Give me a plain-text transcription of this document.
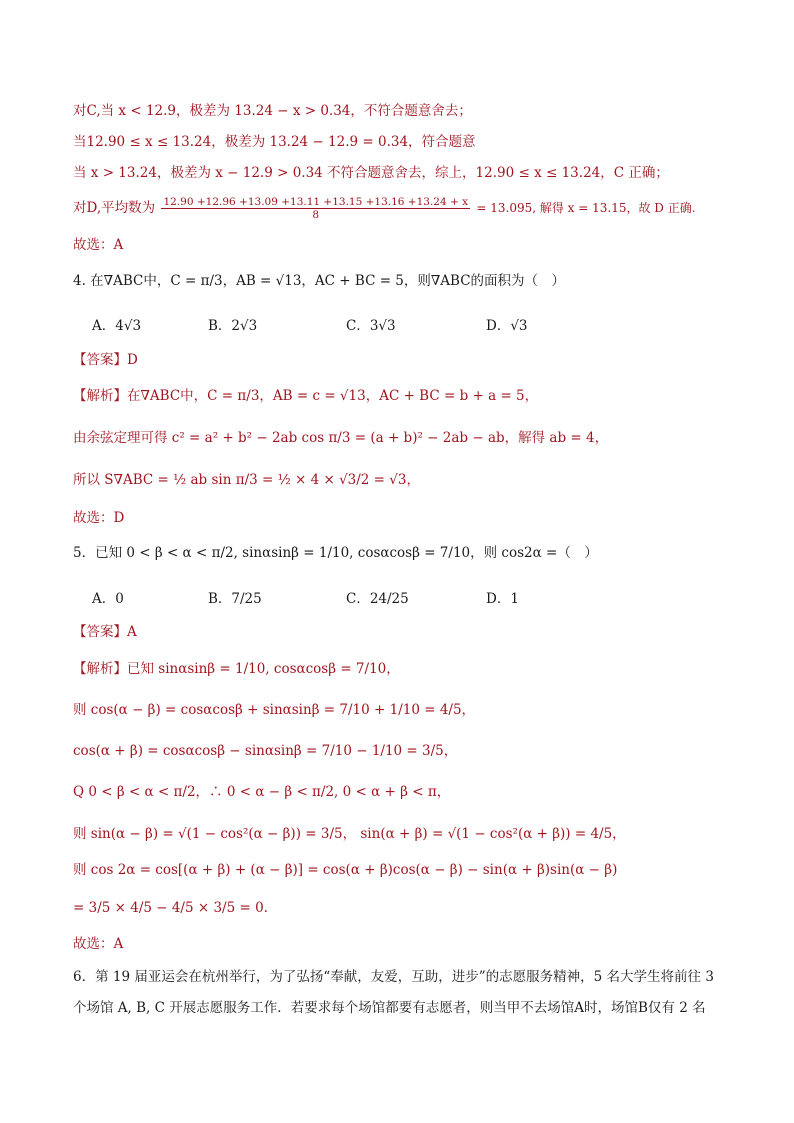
对C,当 x < 12.9，极差为 13.24 − x > 0.34，不符合题意舍去；
当12.90 ≤ x ≤ 13.24，极差为 13.24 − 12.9 = 0.34，符合题意
当 x > 13.24，极差为 x − 12.9 > 0.34 不符合题意舍去，综上，12.90 ≤ x ≤ 13.24，C 正确；
对D,平均数为 $\frac{12.90 +12.96 +13.09 +13.11 +13.15 +13.16 +13.24 + x}{8} = 13.095$, 解得 x = 13.15，故 D 正确.
故选：A
4. 在∇ABC中，C = π/3，AB = √13，AC + BC = 5，则∇ABC的面积为（　）
A．4√3	B．2√3	C．3√3	D．√3
【答案】D
【解析】在∇ABC中，C = π/3，AB = c = √13，AC + BC = b + a = 5，
由余弦定理可得 c² = a² + b² − 2ab cos π/3 = (a + b)² − 2ab − ab，解得 ab = 4，
所以 S∇ABC = ½ ab sin π/3 = ½ × 4 × √3/2 = √3，
故选：D
5．已知 0 < β < α < π/2, sinαsinβ = 1/10, cosαcosβ = 7/10，则 cos2α =（　）
A．0	B．7/25	C．24/25	D．1
【答案】A
【解析】已知 sinαsinβ = 1/10, cosαcosβ = 7/10，
则 cos(α − β) = cosαcosβ + sinαsinβ = 7/10 + 1/10 = 4/5，
cos(α + β) = cosαcosβ − sinαsinβ = 7/10 − 1/10 = 3/5，
Q 0 < β < α < π/2，∴ 0 < α − β < π/2, 0 < α + β < π，
则 sin(α − β) = √(1 − cos²(α − β)) = 3/5， sin(α + β) = √(1 − cos²(α + β)) = 4/5，
则 cos 2α = cos[(α + β) + (α − β)] = cos(α + β)cos(α − β) − sin(α + β)sin(α − β)
= 3/5 × 4/5 − 4/5 × 3/5 = 0.
故选：A
6．第 19 届亚运会在杭州举行，为了弘扬“奉献，友爱，互助，进步”的志愿服务精神，5 名大学生将前往 3
个场馆 A, B, C 开展志愿服务工作．若要求每个场馆都要有志愿者，则当甲不去场馆A时，场馆B仅有 2 名
